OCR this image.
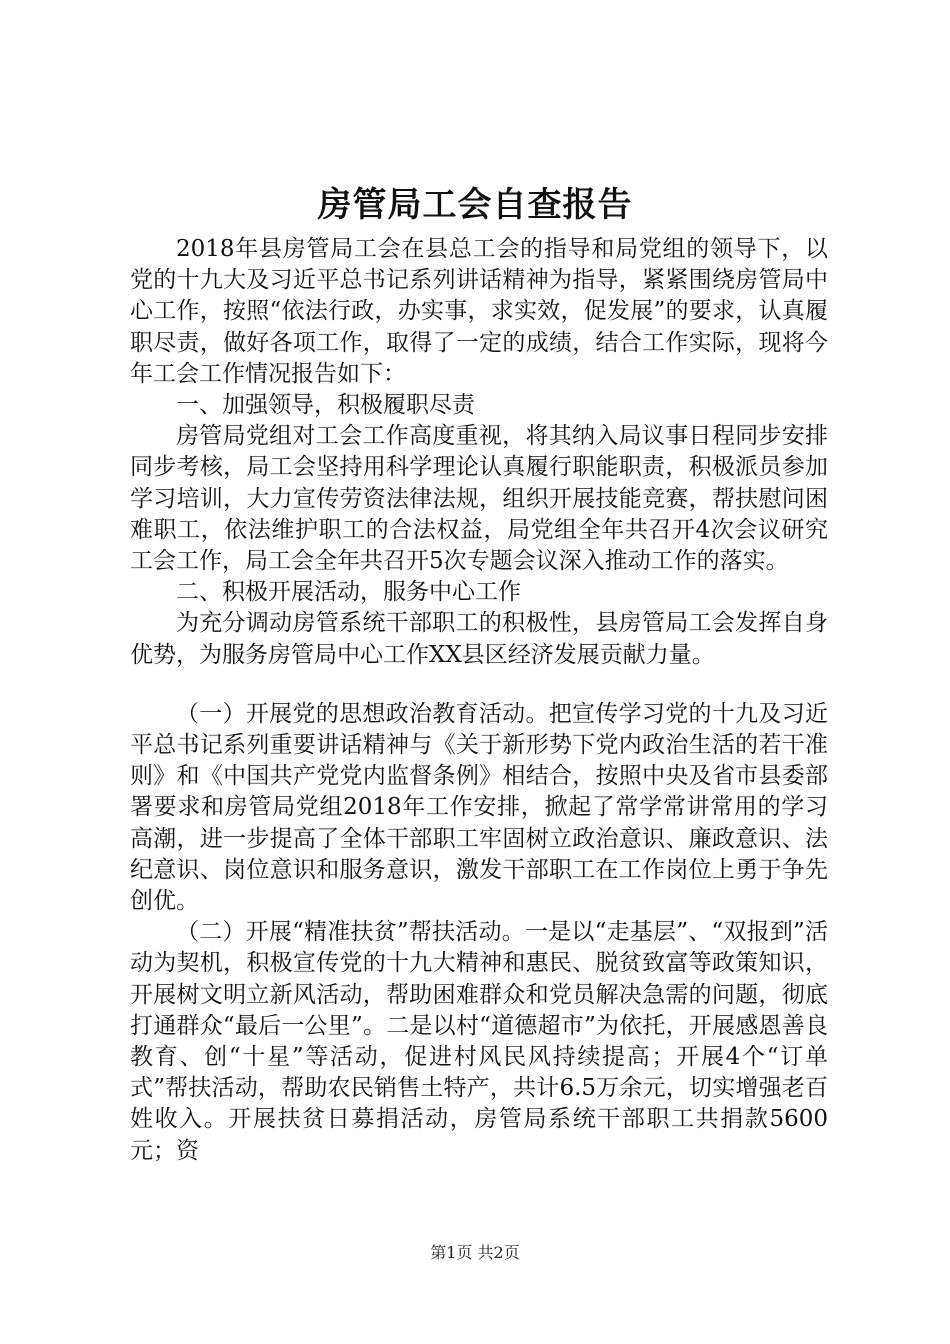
房管局工会自查报告

2018年县房管局工会在县总工会的指导和局党组的领导下，以党的十九大及习近平总书记系列讲话精神为指导，紧紧围绕房管局中心工作，按照“依法行政，办实事，求实效，促发展”的要求，认真履职尽责，做好各项工作，取得了一定的成绩，结合工作实际，现将今年工会工作情况报告如下：

一、加强领导，积极履职尽责

房管局党组对工会工作高度重视，将其纳入局议事日程同步安排同步考核，局工会坚持用科学理论认真履行职能职责，积极派员参加学习培训，大力宣传劳资法律法规，组织开展技能竞赛，帮扶慰问困难职工，依法维护职工的合法权益，局党组全年共召开4次会议研究工会工作，局工会全年共召开5次专题会议深入推动工作的落实。

二、积极开展活动，服务中心工作

为充分调动房管系统干部职工的积极性，县房管局工会发挥自身优势，为服务房管局中心工作XX县区经济发展贡献力量。

（一）开展党的思想政治教育活动。把宣传学习党的十九及习近平总书记系列重要讲话精神与《关于新形势下党内政治生活的若干准则》和《中国共产党党内监督条例》相结合，按照中央及省市县委部署要求和房管局党组2018年工作安排，掀起了常学常讲常用的学习高潮，进一步提高了全体干部职工牢固树立政治意识、廉政意识、法纪意识、岗位意识和服务意识，激发干部职工在工作岗位上勇于争先创优。

（二）开展“精准扶贫”帮扶活动。一是以“走基层”、“双报到”活动为契机，积极宣传党的十九大精神和惠民、脱贫致富等政策知识，开展树文明立新风活动，帮助困难群众和党员解决急需的问题，彻底打通群众“最后一公里”。二是以村“道德超市”为依托，开展感恩善良教育、创“十星”等活动，促进村风民风持续提高；开展4个“订单式”帮扶活动，帮助农民销售土特产，共计6.5万余元，切实增强老百姓收入。开展扶贫日募捐活动，房管局系统干部职工共捐款5600元；资

第1页 共2页
